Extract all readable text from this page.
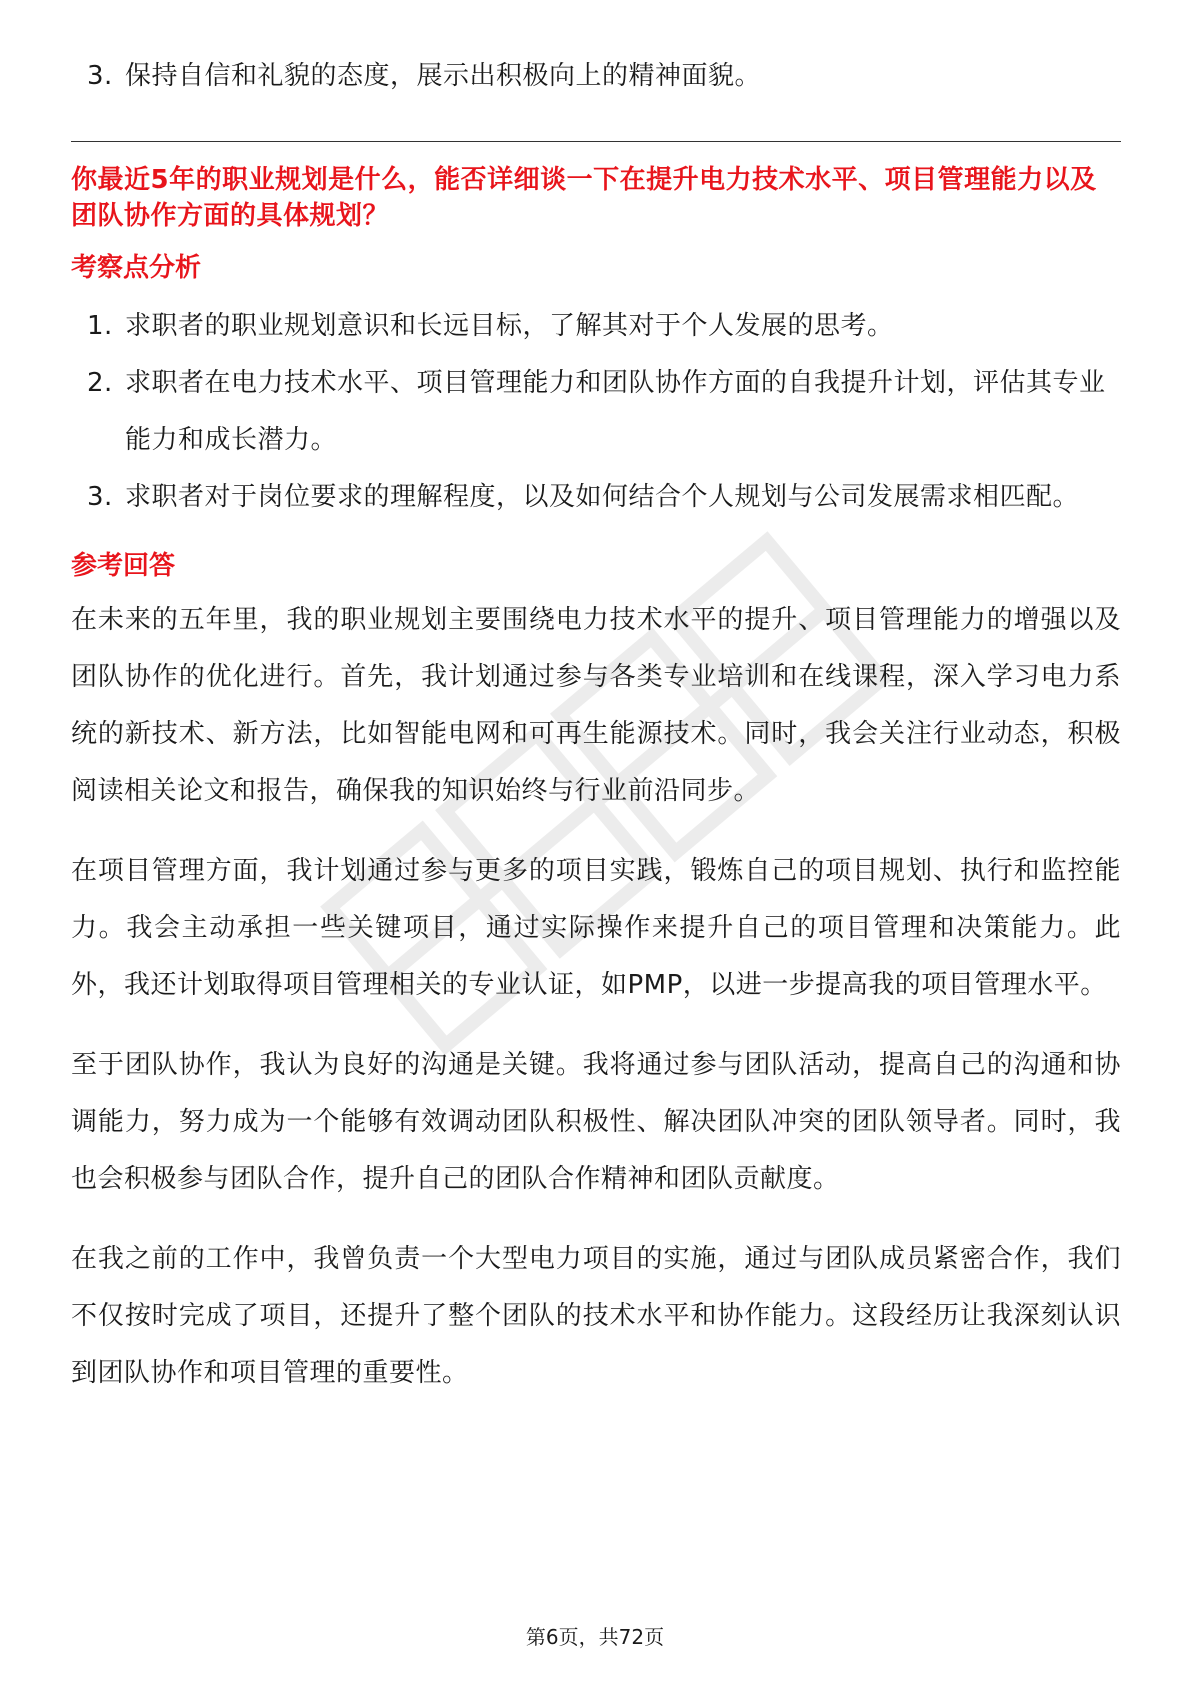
3. 保持自信和礼貌的态度，展示出积极向上的精神面貌。
你最近5年的职业规划是什么，能否详细谈一下在提升电力技术水平、项目管理能力以及团队协作方面的具体规划？
考察点分析
1. 求职者的职业规划意识和长远目标，了解其对于个人发展的思考。
2. 求职者在电力技术水平、项目管理能力和团队协作方面的自我提升计划，评估其专业能力和成长潜力。
3. 求职者对于岗位要求的理解程度，以及如何结合个人规划与公司发展需求相匹配。
参考回答

在未来的五年里，我的职业规划主要围绕电力技术水平的提升、项目管理能力的增强以及团队协作的优化进行。首先，我计划通过参与各类专业培训和在线课程，深入学习电力系统的新技术、新方法，比如智能电网和可再生能源技术。同时，我会关注行业动态，积极阅读相关论文和报告，确保我的知识始终与行业前沿同步。

在项目管理方面，我计划通过参与更多的项目实践，锻炼自己的项目规划、执行和监控能力。我会主动承担一些关键项目，通过实际操作来提升自己的项目管理和决策能力。此外，我还计划取得项目管理相关的专业认证，如PMP，以进一步提高我的项目管理水平。

至于团队协作，我认为良好的沟通是关键。我将通过参与团队活动，提高自己的沟通和协调能力，努力成为一个能够有效调动团队积极性、解决团队冲突的团队领导者。同时，我也会积极参与团队合作，提升自己的团队合作精神和团队贡献度。

在我之前的工作中，我曾负责一个大型电力项目的实施，通过与团队成员紧密合作，我们不仅按时完成了项目，还提升了整个团队的技术水平和协作能力。这段经历让我深刻认识到团队协作和项目管理的重要性。

第6页，共72页
